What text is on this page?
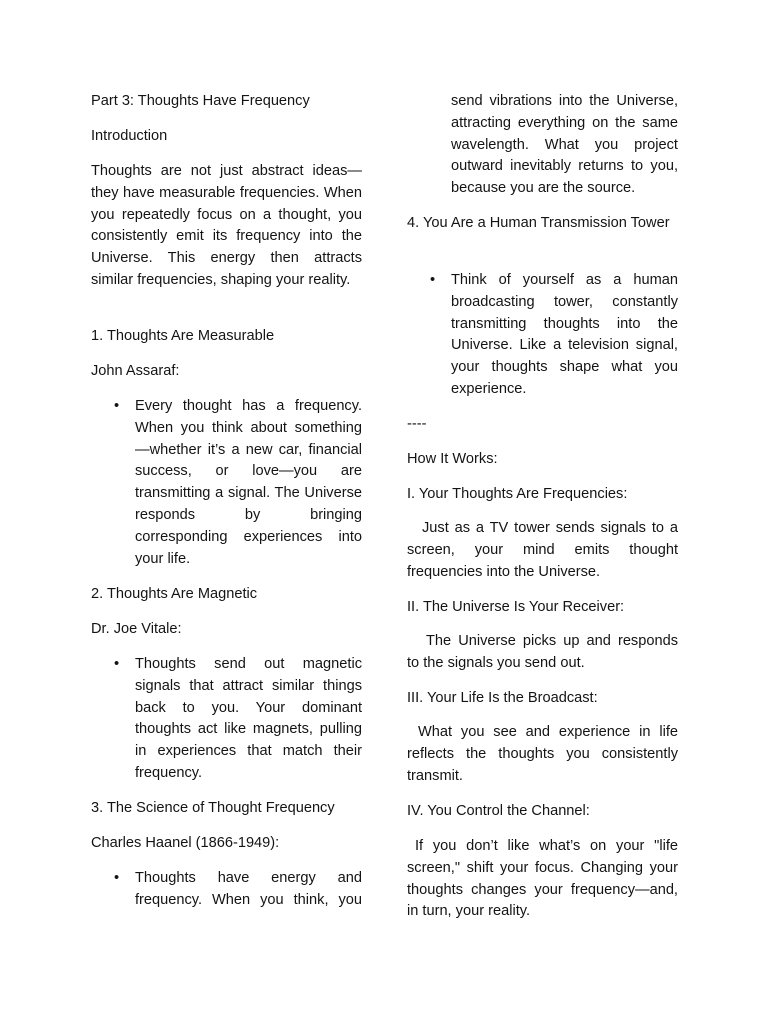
Part 3: Thoughts Have Frequency

Introduction

Thoughts are not just abstract ideas—they have measurable frequencies. When you repeatedly focus on a thought, you consistently emit its frequency into the Universe. This energy then attracts similar frequencies, shaping your reality.

1. Thoughts Are Measurable

John Assaraf:

•	Every thought has a frequency. When you think about something—whether it’s a new car, financial success, or love—you are transmitting a signal. The Universe responds by bringing corresponding experiences into your life.

2. Thoughts Are Magnetic

Dr. Joe Vitale:

•	Thoughts send out magnetic signals that attract similar things back to you. Your dominant thoughts act like magnets, pulling in experiences that match their frequency.

3. The Science of Thought Frequency

Charles Haanel (1866-1949):

•	Thoughts have energy and frequency. When you think, you

send vibrations into the Universe, attracting everything on the same wavelength. What you project outward inevitably returns to you, because you are the source.

4. You Are a Human Transmission Tower

•	Think of yourself as a human broadcasting tower, constantly transmitting thoughts into the Universe. Like a television signal, your thoughts shape what you experience.

----

How It Works:

I. Your Thoughts Are Frequencies:

Just as a TV tower sends signals to a screen, your mind emits thought frequencies into the Universe.

II. The Universe Is Your Receiver:

The Universe picks up and responds to the signals you send out.

III. Your Life Is the Broadcast:

What you see and experience in life reflects the thoughts you consistently transmit.

IV. You Control the Channel:

If you don’t like what’s on your "life screen," shift your focus. Changing your thoughts changes your frequency—and, in turn, your reality.
